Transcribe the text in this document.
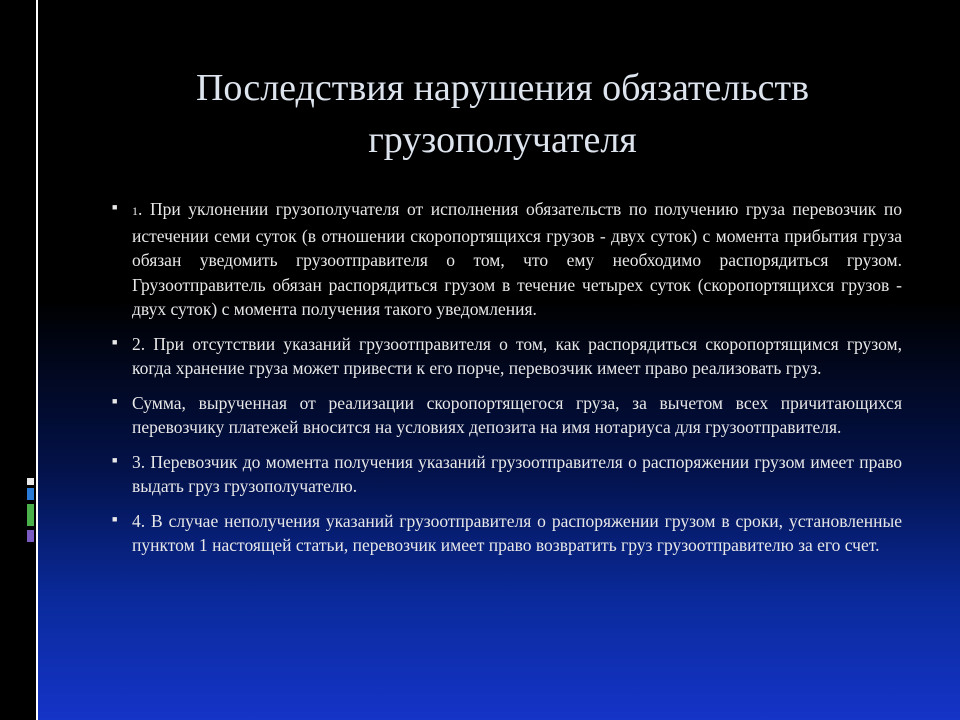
Последствия нарушения обязательств
грузополучателя
■ 1. При уклонении грузополучателя от исполнения обязательств по получению груза перевозчик по истечении семи суток (в отношении скоропортящихся грузов - двух суток) с момента прибытия груза обязан уведомить грузоотправителя о том, что ему необходимо распорядиться грузом. Грузоотправитель обязан распорядиться грузом в течение четырех суток (скоропортящихся грузов - двух суток) с момента получения такого уведомления.
■ 2. При отсутствии указаний грузоотправителя о том, как распорядиться скоропортящимся грузом, когда хранение груза может привести к его порче, перевозчик имеет право реализовать груз.
■ Сумма, вырученная от реализации скоропортящегося груза, за вычетом всех причитающихся перевозчику платежей вносится на условиях депозита на имя нотариуса для грузоотправителя.
■ 3. Перевозчик до момента получения указаний грузоотправителя о распоряжении грузом имеет право выдать груз грузополучателю.
■ 4. В случае неполучения указаний грузоотправителя о распоряжении грузом в сроки, установленные пунктом 1 настоящей статьи, перевозчик имеет право возвратить груз грузоотправителю за его счет.
